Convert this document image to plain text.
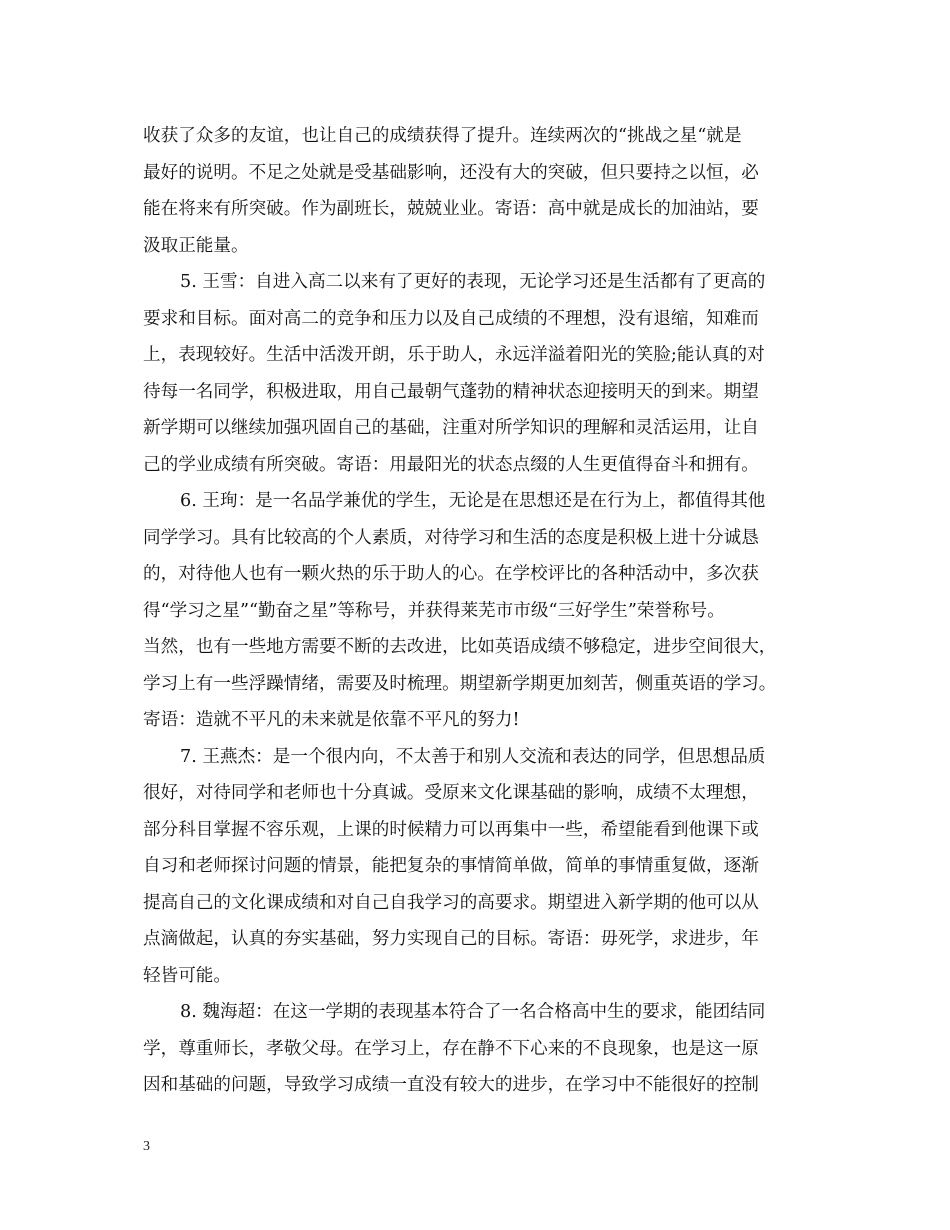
收获了众多的友谊，也让自己的成绩获得了提升。连续两次的“挑战之星“就是
最好的说明。不足之处就是受基础影响，还没有大的突破，但只要持之以恒，必
能在将来有所突破。作为副班长，兢兢业业。寄语：高中就是成长的加油站，要
汲取正能量。
5. 王雪：自进入高二以来有了更好的表现，无论学习还是生活都有了更高的
要求和目标。面对高二的竞争和压力以及自己成绩的不理想，没有退缩，知难而
上，表现较好。生活中活泼开朗，乐于助人，永远洋溢着阳光的笑脸;能认真的对
待每一名同学，积极进取，用自己最朝气蓬勃的精神状态迎接明天的到来。期望
新学期可以继续加强巩固自己的基础，注重对所学知识的理解和灵活运用，让自
己的学业成绩有所突破。寄语：用最阳光的状态点缀的人生更值得奋斗和拥有。
6. 王珣：是一名品学兼优的学生，无论是在思想还是在行为上，都值得其他
同学学习。具有比较高的个人素质，对待学习和生活的态度是积极上进十分诚恳
的，对待他人也有一颗火热的乐于助人的心。在学校评比的各种活动中，多次获
得“学习之星”“勤奋之星”等称号，并获得莱芜市市级“三好学生”荣誉称号。
当然，也有一些地方需要不断的去改进，比如英语成绩不够稳定，进步空间很大，
学习上有一些浮躁情绪，需要及时梳理。期望新学期更加刻苦，侧重英语的学习。
寄语：造就不平凡的未来就是依靠不平凡的努力!
7. 王燕杰：是一个很内向，不太善于和别人交流和表达的同学，但思想品质
很好，对待同学和老师也十分真诚。受原来文化课基础的影响，成绩不太理想，
部分科目掌握不容乐观，上课的时候精力可以再集中一些，希望能看到他课下或
自习和老师探讨问题的情景，能把复杂的事情简单做，简单的事情重复做，逐渐
提高自己的文化课成绩和对自己自我学习的高要求。期望进入新学期的他可以从
点滴做起，认真的夯实基础，努力实现自己的目标。寄语：毋死学，求进步，年
轻皆可能。
8. 魏海超：在这一学期的表现基本符合了一名合格高中生的要求，能团结同
学，尊重师长，孝敬父母。在学习上，存在静不下心来的不良现象，也是这一原
因和基础的问题，导致学习成绩一直没有较大的进步，在学习中不能很好的控制
3
